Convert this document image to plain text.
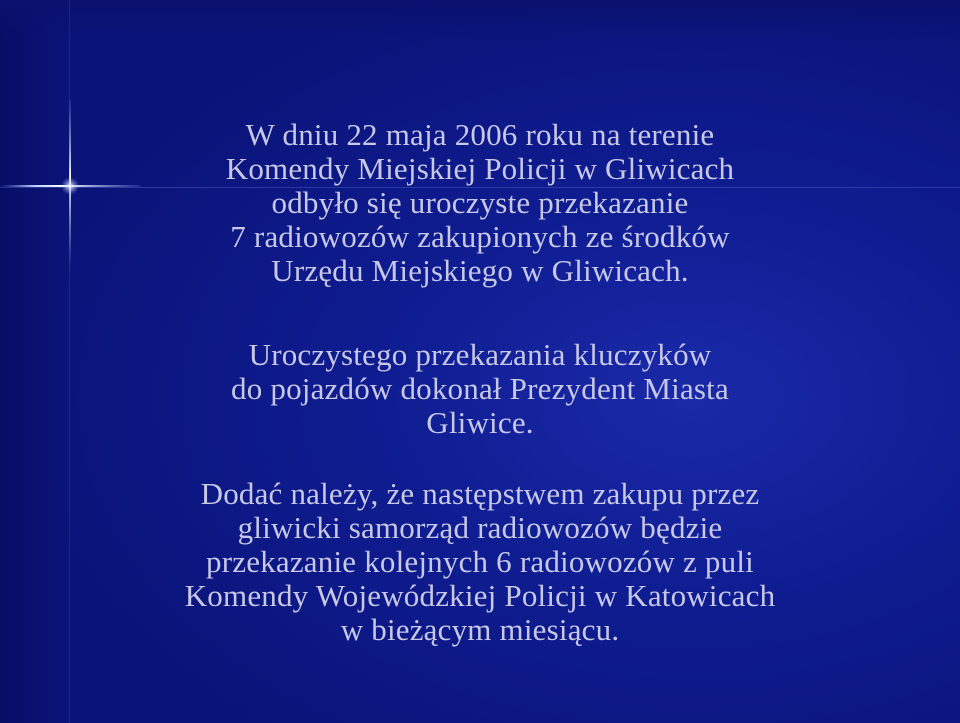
W dniu 22 maja 2006 roku na terenie
Komendy Miejskiej Policji w Gliwicach
odbyło się uroczyste przekazanie
7 radiowozów zakupionych ze środków
Urzędu Miejskiego w Gliwicach.
Uroczystego przekazania kluczyków
do pojazdów dokonał Prezydent Miasta
Gliwice.
Dodać należy, że następstwem zakupu przez
gliwicki samorząd radiowozów będzie
przekazanie kolejnych 6 radiowozów z puli
Komendy Wojewódzkiej Policji w Katowicach
w bieżącym miesiącu.
